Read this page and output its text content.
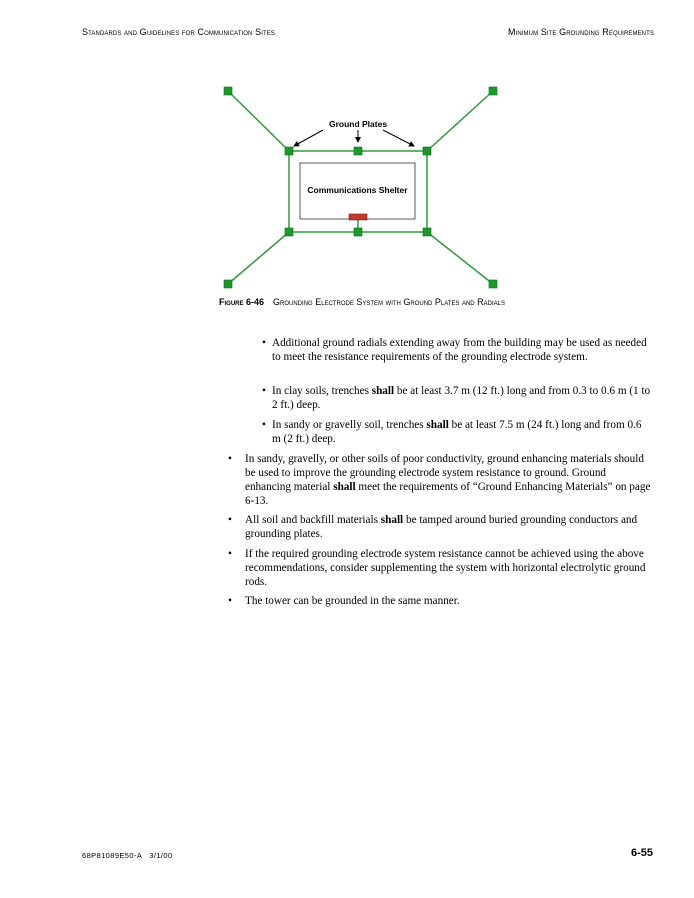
Standards and Guidelines for Communication Sites	Minimum Site Grounding Requirements
Communications Shelter
Ground Plates
Figure 6-46 Grounding Electrode System with Ground Plates and Radials
• Additional ground radials extending away from the building may be used as needed to meet the resistance requirements of the grounding electrode system.
• In clay soils, trenches shall be at least 3.7 m (12 ft.) long and from 0.3 to 0.6 m (1 to 2 ft.) deep.
• In sandy or gravelly soil, trenches shall be at least 7.5 m (24 ft.) long and from 0.6 m (2 ft.) deep.
• In sandy, gravelly, or other soils of poor conductivity, ground enhancing materials should be used to improve the grounding electrode system resistance to ground. Ground enhancing material shall meet the requirements of “Ground Enhancing Materials” on page 6-13.
• All soil and backfill materials shall be tamped around buried grounding conductors and grounding plates.
• If the required grounding electrode system resistance cannot be achieved using the above recommendations, consider supplementing the system with horizontal electrolytic ground rods.
• The tower can be grounded in the same manner.
68P81089E50-A   3/1/00	6-55
